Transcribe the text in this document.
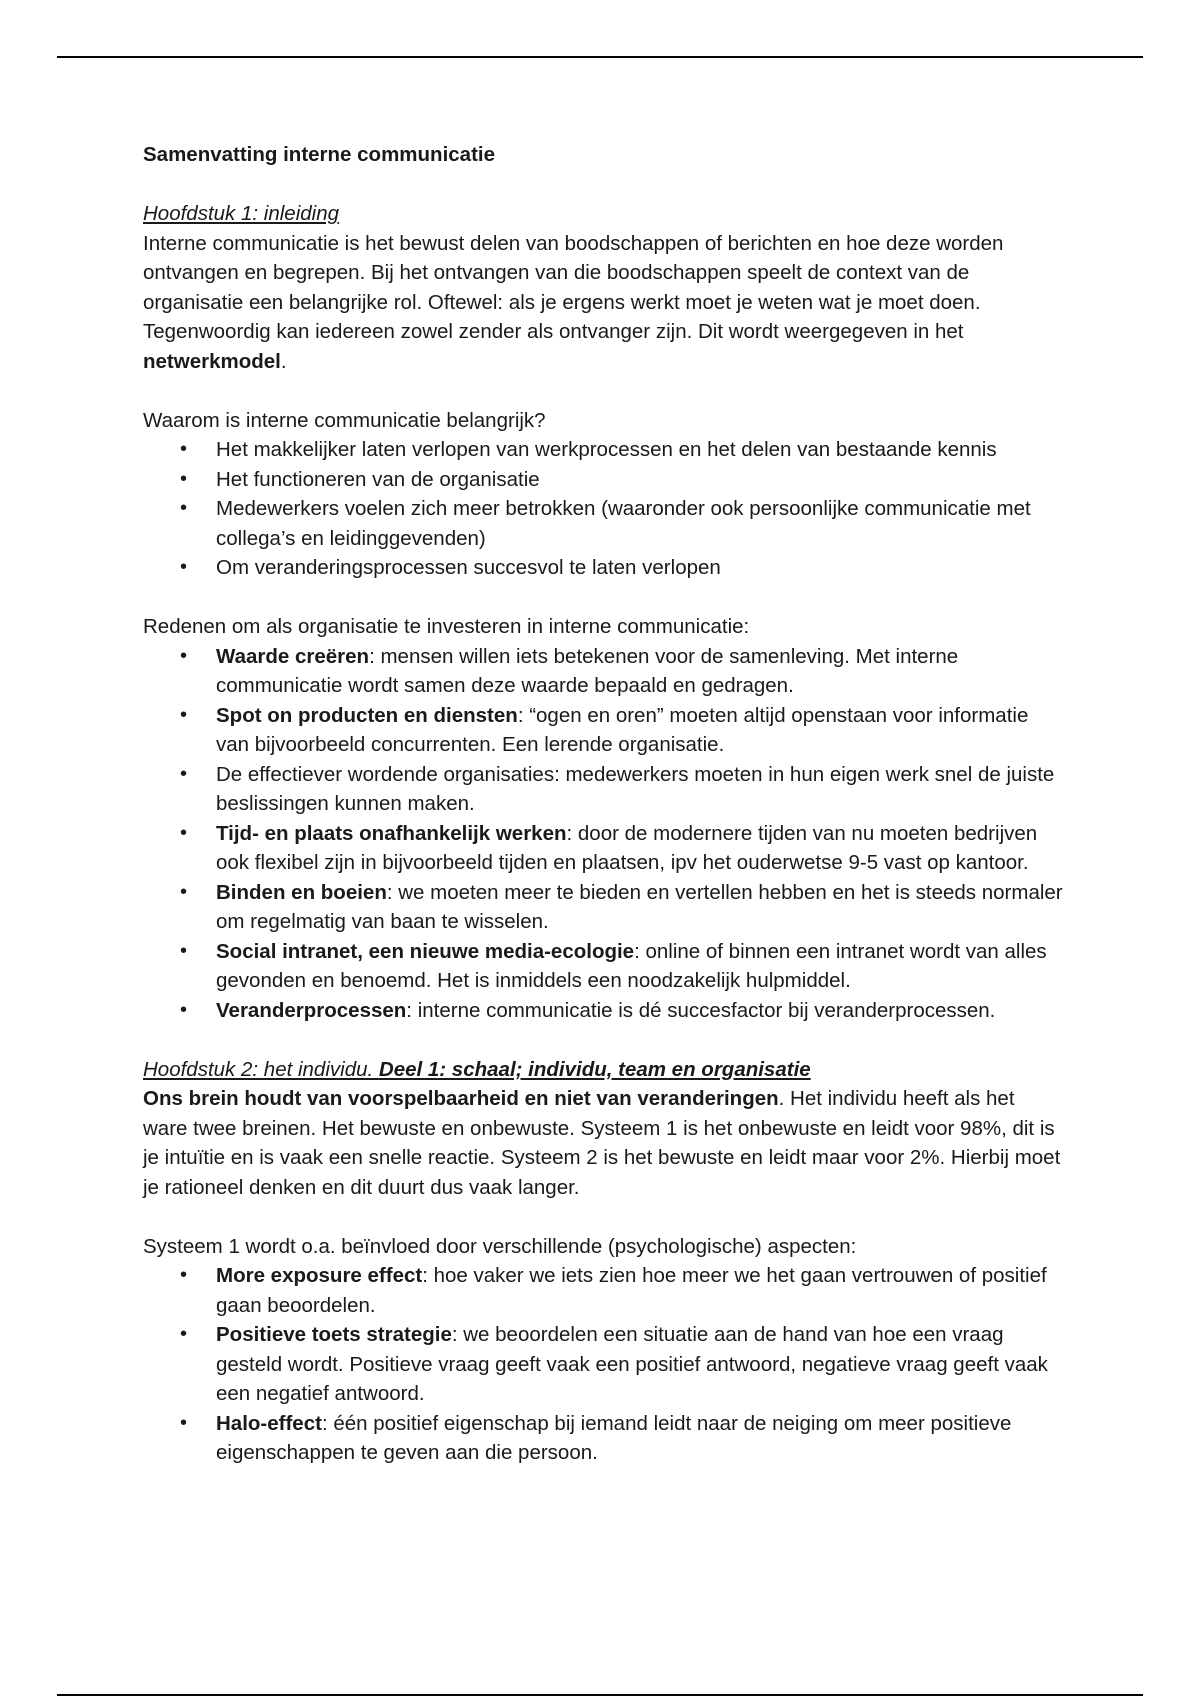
Samenvatting interne communicatie

Hoofdstuk 1: inleiding

Interne communicatie is het bewust delen van boodschappen of berichten en hoe deze worden ontvangen en begrepen. Bij het ontvangen van die boodschappen speelt de context van de organisatie een belangrijke rol. Oftewel: als je ergens werkt moet je weten wat je moet doen. Tegenwoordig kan iedereen zowel zender als ontvanger zijn. Dit wordt weergegeven in het netwerkmodel.

Waarom is interne communicatie belangrijk?

• Het makkelijker laten verlopen van werkprocessen en het delen van bestaande kennis
• Het functioneren van de organisatie
• Medewerkers voelen zich meer betrokken (waaronder ook persoonlijke communicatie met collega’s en leidinggevenden)
• Om veranderingsprocessen succesvol te laten verlopen

Redenen om als organisatie te investeren in interne communicatie:

• Waarde creëren: mensen willen iets betekenen voor de samenleving. Met interne communicatie wordt samen deze waarde bepaald en gedragen.
• Spot on producten en diensten: “ogen en oren” moeten altijd openstaan voor informatie van bijvoorbeeld concurrenten. Een lerende organisatie.
• De effectiever wordende organisaties: medewerkers moeten in hun eigen werk snel de juiste beslissingen kunnen maken.
• Tijd- en plaats onafhankelijk werken: door de modernere tijden van nu moeten bedrijven ook flexibel zijn in bijvoorbeeld tijden en plaatsen, ipv het ouderwetse 9-5 vast op kantoor.
• Binden en boeien: we moeten meer te bieden en vertellen hebben en het is steeds normaler om regelmatig van baan te wisselen.
• Social intranet, een nieuwe media-ecologie: online of binnen een intranet wordt van alles gevonden en benoemd. Het is inmiddels een noodzakelijk hulpmiddel.
• Veranderprocessen: interne communicatie is dé succesfactor bij veranderprocessen.

Hoofdstuk 2: het individu. Deel 1: schaal; individu, team en organisatie

Ons brein houdt van voorspelbaarheid en niet van veranderingen. Het individu heeft als het ware twee breinen. Het bewuste en onbewuste. Systeem 1 is het onbewuste en leidt voor 98%, dit is je intuïtie en is vaak een snelle reactie. Systeem 2 is het bewuste en leidt maar voor 2%. Hierbij moet je rationeel denken en dit duurt dus vaak langer.

Systeem 1 wordt o.a. beïnvloed door verschillende (psychologische) aspecten:

• More exposure effect: hoe vaker we iets zien hoe meer we het gaan vertrouwen of positief gaan beoordelen.
• Positieve toets strategie: we beoordelen een situatie aan de hand van hoe een vraag gesteld wordt. Positieve vraag geeft vaak een positief antwoord, negatieve vraag geeft vaak een negatief antwoord.
• Halo-effect: één positief eigenschap bij iemand leidt naar de neiging om meer positieve eigenschappen te geven aan die persoon.
